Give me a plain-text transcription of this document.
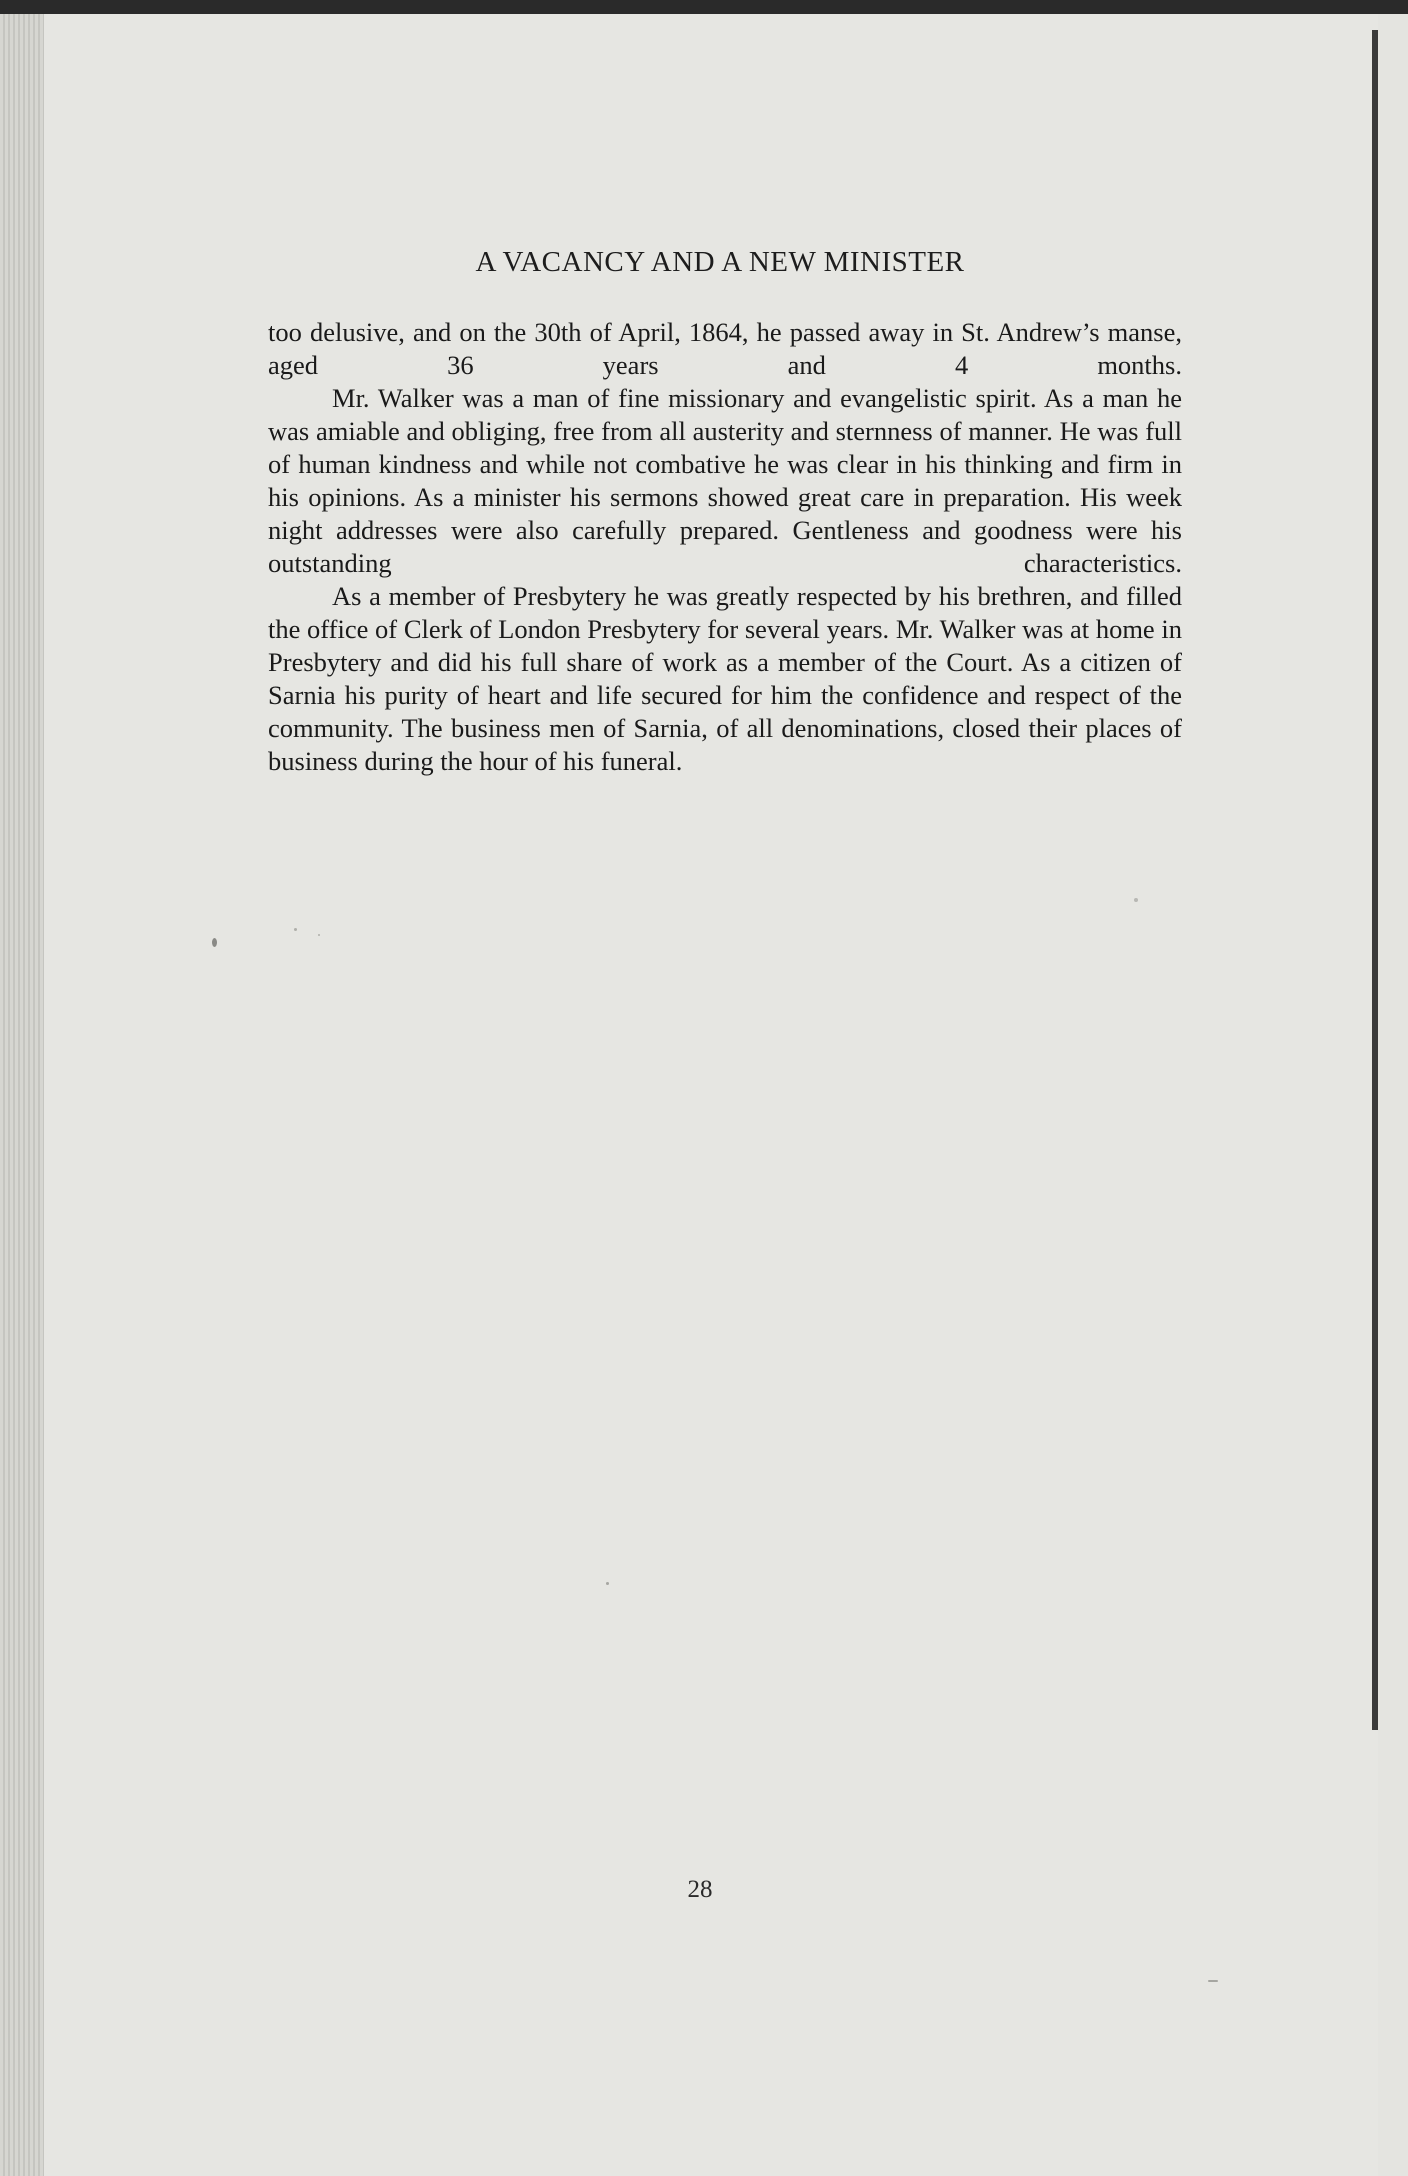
A VACANCY AND A NEW MINISTER

too delusive, and on the 30th of April, 1864, he passed away in St. Andrew’s manse, aged 36 years and 4 months.

Mr. Walker was a man of fine missionary and evangelistic spirit. As a man he was amiable and obliging, free from all austerity and sternness of manner. He was full of human kindness and while not combative he was clear in his thinking and firm in his opinions. As a minister his sermons showed great care in preparation. His week night addresses were also carefully prepared. Gentleness and goodness were his outstanding characteristics.

As a member of Presbytery he was greatly respected by his brethren, and filled the office of Clerk of London Presbytery for several years. Mr. Walker was at home in Presbytery and did his full share of work as a member of the Court. As a citizen of Sarnia his purity of heart and life secured for him the confidence and respect of the community. The business men of Sarnia, of all denominations, closed their places of business during the hour of his funeral.

28
